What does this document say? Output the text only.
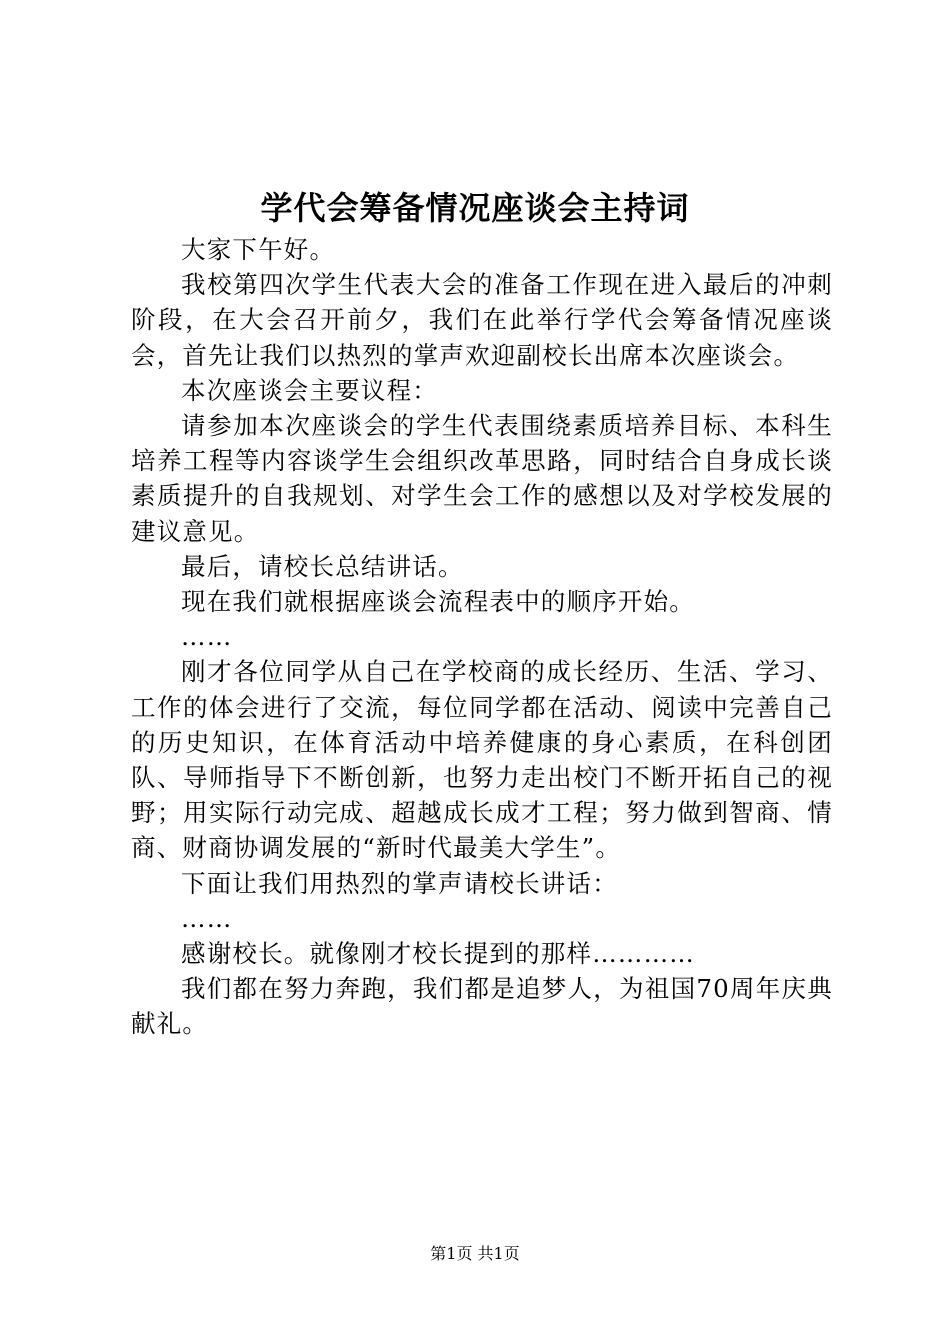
学代会筹备情况座谈会主持词

大家下午好。

我校第四次学生代表大会的准备工作现在进入最后的冲刺阶段，在大会召开前夕，我们在此举行学代会筹备情况座谈会，首先让我们以热烈的掌声欢迎副校长出席本次座谈会。

本次座谈会主要议程：

请参加本次座谈会的学生代表围绕素质培养目标、本科生培养工程等内容谈学生会组织改革思路，同时结合自身成长谈素质提升的自我规划、对学生会工作的感想以及对学校发展的建议意见。

最后，请校长总结讲话。

现在我们就根据座谈会流程表中的顺序开始。

……

刚才各位同学从自己在学校商的成长经历、生活、学习、工作的体会进行了交流，每位同学都在活动、阅读中完善自己的历史知识，在体育活动中培养健康的身心素质，在科创团队、导师指导下不断创新，也努力走出校门不断开拓自己的视野；用实际行动完成、超越成长成才工程；努力做到智商、情商、财商协调发展的“新时代最美大学生”。

下面让我们用热烈的掌声请校长讲话：

……

感谢校长。就像刚才校长提到的那样…………

我们都在努力奔跑，我们都是追梦人，为祖国70周年庆典献礼。

第1页 共1页
